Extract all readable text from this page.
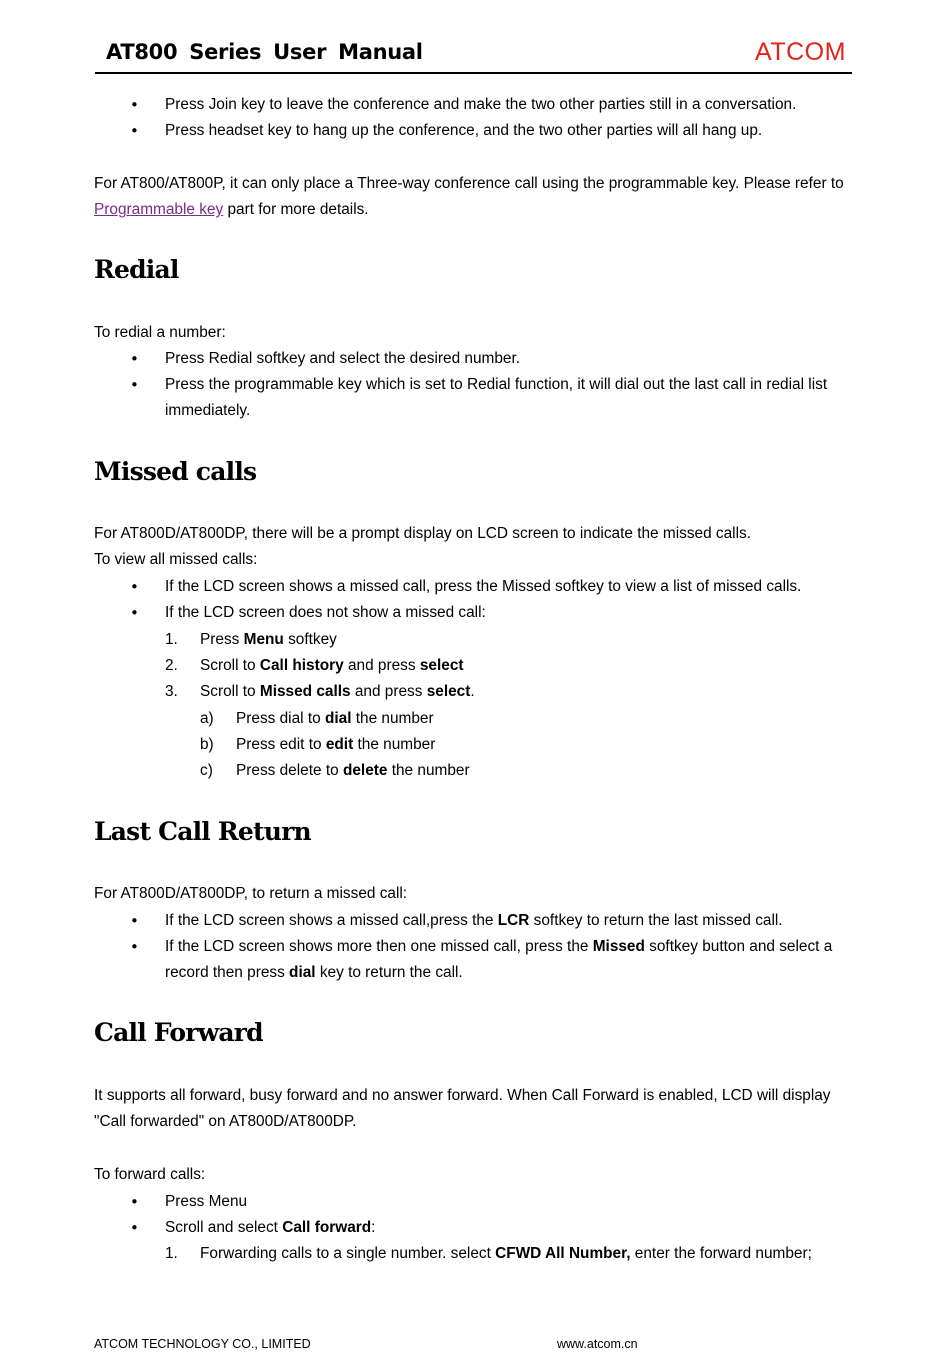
AT800 Series User Manual	ATCOM
• Press Join key to leave the conference and make the two other parties still in a conversation.
• Press headset key to hang up the conference, and the two other parties will all hang up.
For AT800/AT800P, it can only place a Three-way conference call using the programmable key. Please refer to Programmable key part for more details.
Redial
To redial a number:
• Press Redial softkey and select the desired number.
• Press the programmable key which is set to Redial function, it will dial out the last call in redial list immediately.
Missed calls
For AT800D/AT800DP, there will be a prompt display on LCD screen to indicate the missed calls.
To view all missed calls:
• If the LCD screen shows a missed call, press the Missed softkey to view a list of missed calls.
• If the LCD screen does not show a missed call:
1. Press Menu softkey
2. Scroll to Call history and press select
3. Scroll to Missed calls and press select.
a) Press dial to dial the number
b) Press edit to edit the number
c) Press delete to delete the number
Last Call Return
For AT800D/AT800DP, to return a missed call:
• If the LCD screen shows a missed call,press the LCR softkey to return the last missed call.
• If the LCD screen shows more then one missed call, press the Missed softkey button and select a record then press dial key to return the call.
Call Forward
It supports all forward, busy forward and no answer forward. When Call Forward is enabled, LCD will display "Call forwarded" on AT800D/AT800DP.
To forward calls:
• Press Menu
• Scroll and select Call forward:
1. Forwarding calls to a single number. select CFWD All Number, enter the forward number;
ATCOM TECHNOLOGY CO., LIMITED	www.atcom.cn
